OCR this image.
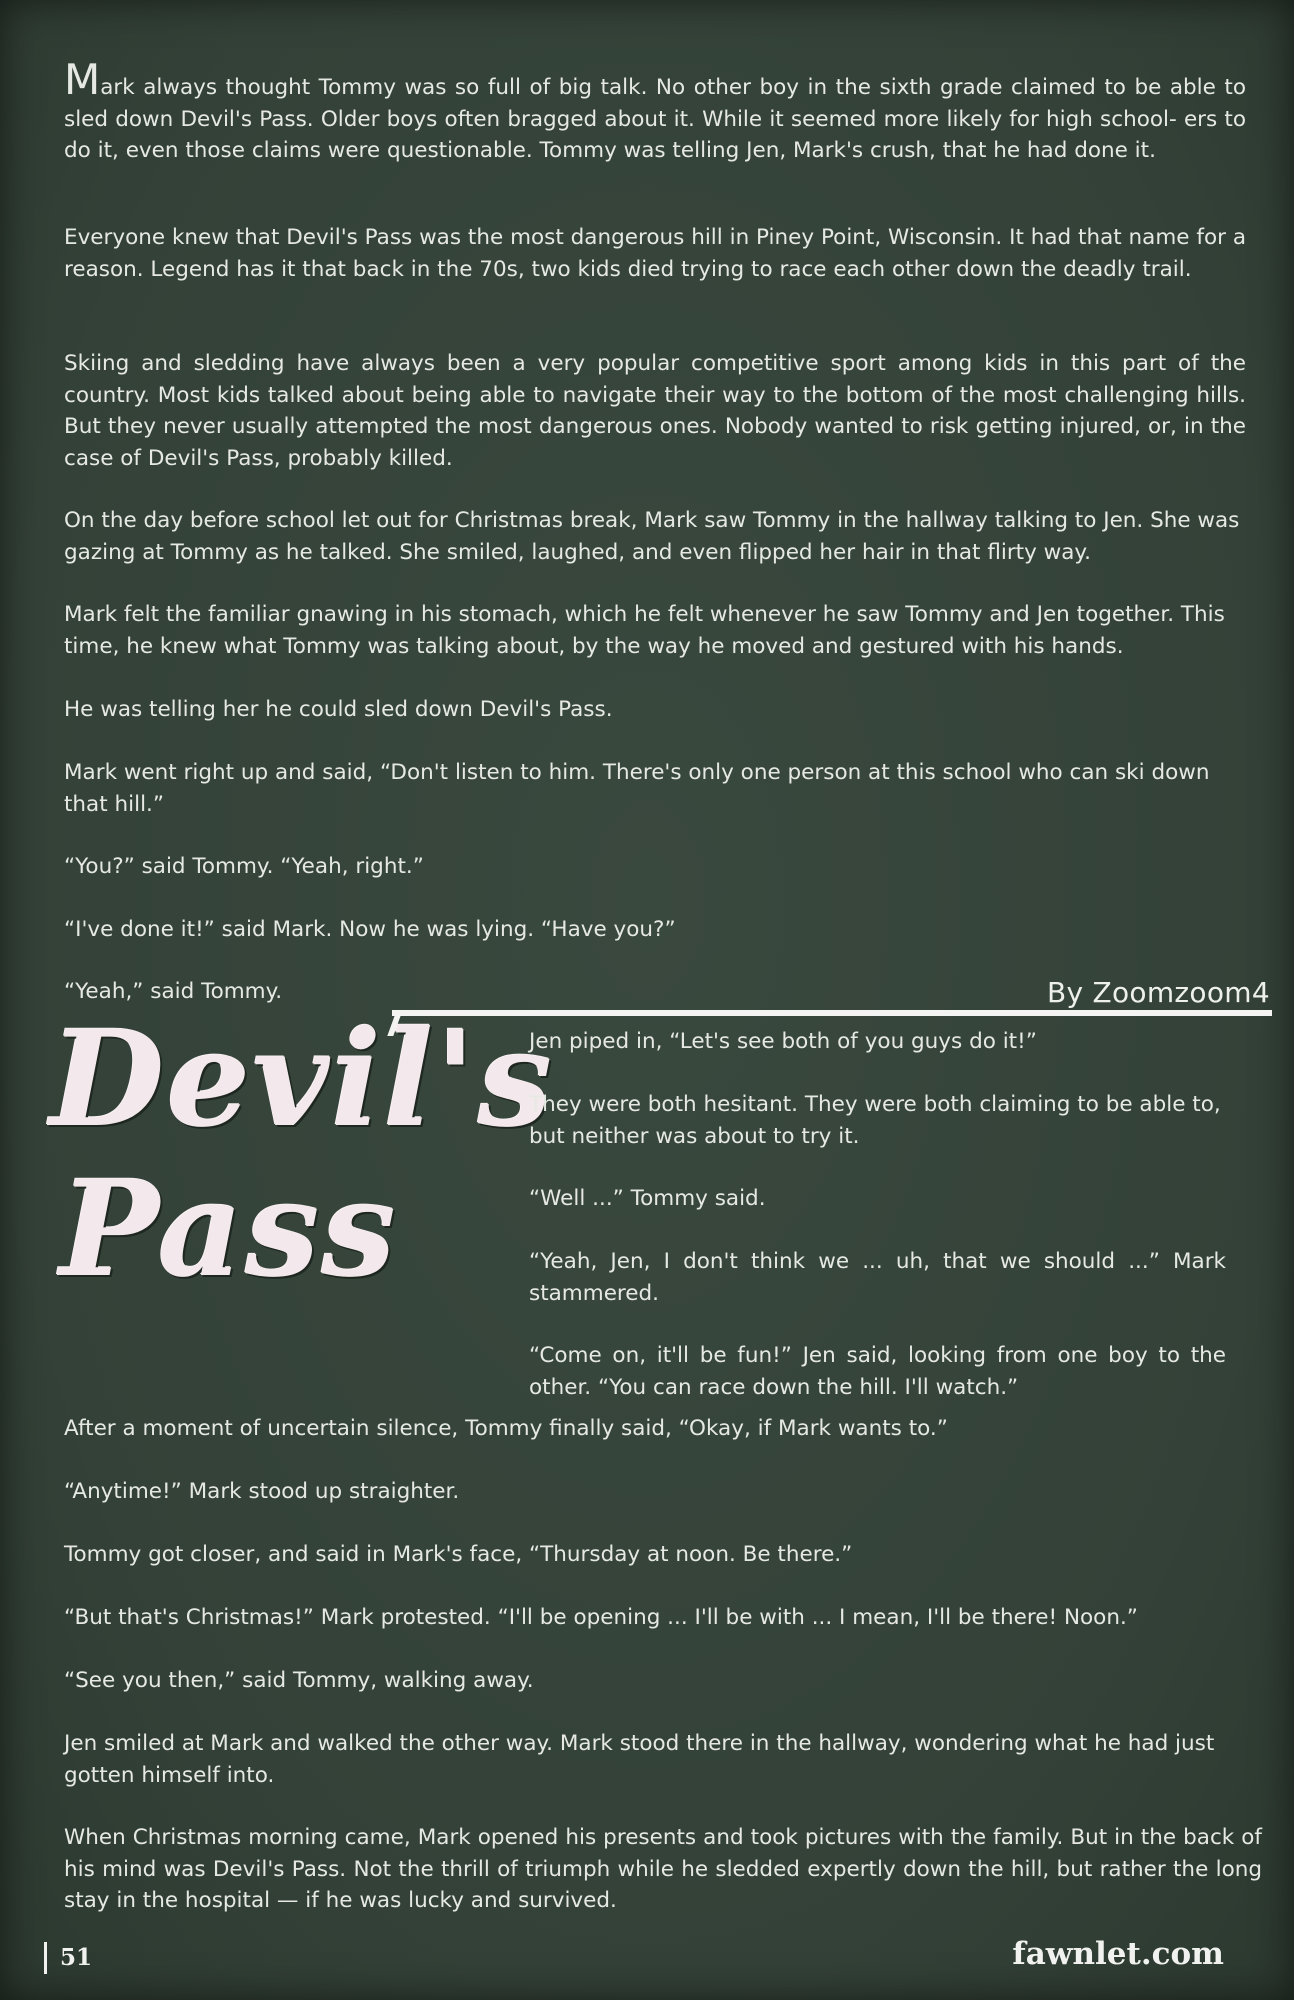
Mark always thought Tommy was so full of big talk. No other boy in the sixth grade claimed to be able to sled down Devil's Pass. Older boys often bragged about it. While it seemed more likely for high school- ers to do it, even those claims were questionable. Tommy was telling Jen, Mark's crush, that he had done it.

Everyone knew that Devil's Pass was the most dangerous hill in Piney Point, Wisconsin. It had that name for a reason. Legend has it that back in the 70s, two kids died trying to race each other down the deadly trail.

Skiing and sledding have always been a very popular competitive sport among kids in this part of the country. Most kids talked about being able to navigate their way to the bottom of the most challenging hills. But they never usually attempted the most dangerous ones. Nobody wanted to risk getting injured, or, in the case of Devil's Pass, probably killed.

On the day before school let out for Christmas break, Mark saw Tommy in the hallway talking to Jen. She was gazing at Tommy as he talked. She smiled, laughed, and even flipped her hair in that flirty way.

Mark felt the familiar gnawing in his stomach, which he felt whenever he saw Tommy and Jen together. This time, he knew what Tommy was talking about, by the way he moved and gestured with his hands.

He was telling her he could sled down Devil's Pass.

Mark went right up and said, “Don't listen to him. There's only one person at this school who can ski down that hill.”

“You?” said Tommy. “Yeah, right.”

“I've done it!” said Mark. Now he was lying. “Have you?”

“Yeah,” said Tommy.	By Zoomzoom4
Devil's
Pass

Jen piped in, “Let's see both of you guys do it!”

They were both hesitant. They were both claiming to be able to, but neither was about to try it.

“Well ...” Tommy said.

“Yeah, Jen, I don't think we ... uh, that we should ...” Mark stammered.

“Come on, it'll be fun!” Jen said, looking from one boy to the other. “You can race down the hill. I'll watch.”

After a moment of uncertain silence, Tommy finally said, “Okay, if Mark wants to.”

“Anytime!” Mark stood up straighter.

Tommy got closer, and said in Mark's face, “Thursday at noon. Be there.”

“But that's Christmas!” Mark protested. “I'll be opening ... I'll be with ... I mean, I'll be there! Noon.”

“See you then,” said Tommy, walking away.

Jen smiled at Mark and walked the other way. Mark stood there in the hallway, wondering what he had just gotten himself into.

When Christmas morning came, Mark opened his presents and took pictures with the family. But in the back of his mind was Devil's Pass. Not the thrill of triumph while he sledded expertly down the hill, but rather the long stay in the hospital — if he was lucky and survived.

51	fawnlet.com
